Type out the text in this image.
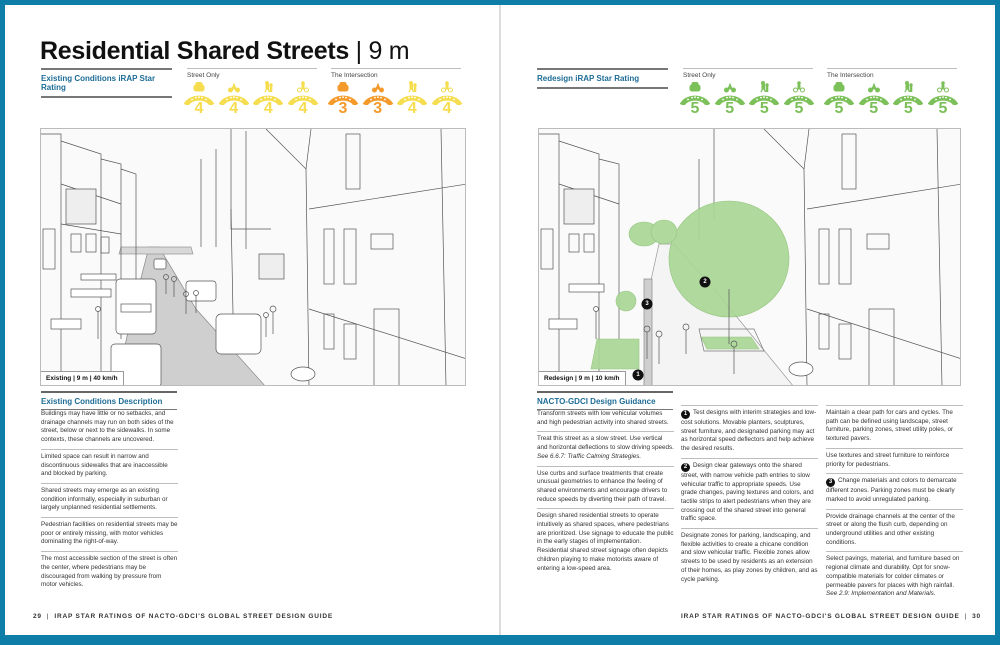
Residential Shared Streets | 9 m
Existing Conditions iRAP Star Rating
Street Only
4 4 4 4
The Intersection
3 3 4 4
Existing | 9 m | 40 km/h
Existing Conditions Description

Buildings may have little or no setbacks, and drainage channels may run on both sides of the street, below or next to the sidewalks. In some contexts, these channels are uncovered.

Limited space can result in narrow and discontinuous sidewalks that are inaccessible and blocked by parking.

Shared streets may emerge as an existing condition informally, especially in suburban or largely unplanned residential settlements.

Pedestrian facilities on residential streets may be poor or entirely missing, with motor vehicles dominating the right-of-way.

The most accessible section of the street is often the center, where pedestrians may be discouraged from walking by pressure from motor vehicles.

29 | IRAP STAR RATINGS OF NACTO-GDCI'S GLOBAL STREET DESIGN GUIDE
Redesign iRAP Star Rating	Street Only
5 5 5 5
The Intersection
5 5 5 5
1
2
3
Redesign | 9 m | 10 km/h
NACTO-GDCI Design Guidance

Transform streets with low vehicular volumes and high pedestrian activity into shared streets.

Treat this street as a slow street. Use vertical and horizontal deflections to slow driving speeds. See 6.6.7: Traffic Calming Strategies.

Use curbs and surface treatments that create unusual geometries to enhance the feeling of shared environments and encourage drivers to reduce speeds by diverting their path of travel.

Design shared residential streets to operate intuitively as shared spaces, where pedestrians are prioritized. Use signage to educate the public in the early stages of implementation. Residential shared street signage often depicts children playing to make motorists aware of entering a low-speed area.

1 Test designs with interim strategies and low-cost solutions. Movable planters, sculptures, street furniture, and designated parking may act as horizontal speed deflectors and help achieve the desired results.

2 Design clear gateways onto the shared street, with narrow vehicle path entries to slow vehicular traffic to appropriate speeds. Use grade changes, paving textures and colors, and tactile strips to alert pedestrians when they are crossing out of the shared street into general traffic space.

Designate zones for parking, landscaping, and flexible activities to create a chicane condition and slow vehicular traffic. Flexible zones allow streets to be used by residents as an extension of their homes, as play zones by children, and as cycle parking.

Maintain a clear path for cars and cycles. The path can be defined using landscape, street furniture, parking zones, street utility poles, or textured pavers.

Use textures and street furniture to reinforce priority for pedestrians.

3 Change materials and colors to demarcate different zones. Parking zones must be clearly marked to avoid unregulated parking.

Provide drainage channels at the center of the street or along the flush curb, depending on underground utilities and other existing conditions.

Select pavings, material, and furniture based on regional climate and durability. Opt for snow-compatible materials for colder climates or permeable pavers for places with high rainfall. See 2.9: Implementation and Materials.

IRAP STAR RATINGS OF NACTO-GDCI'S GLOBAL STREET DESIGN GUIDE | 30
